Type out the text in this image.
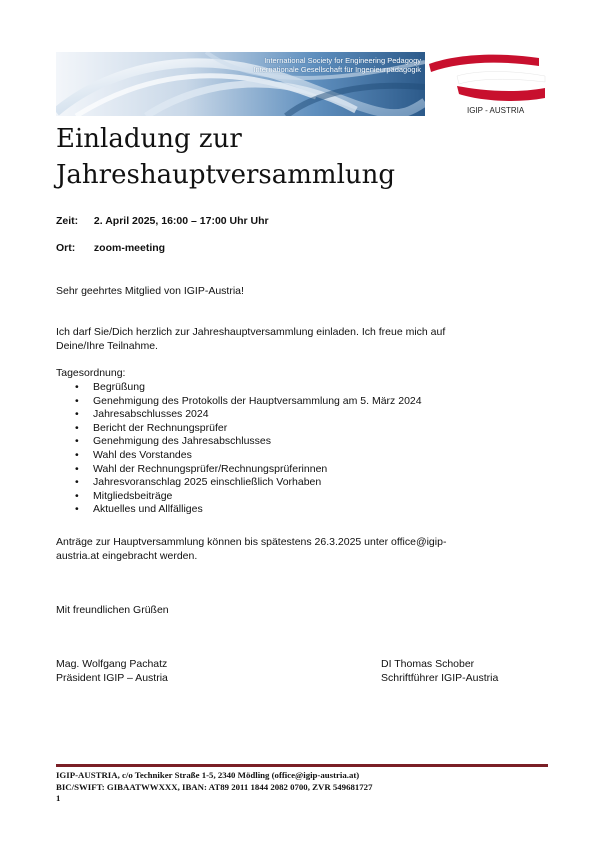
International Society for Engineering Pedagogy
Internationale Gesellschaft für Ingenieurpädagogik
IGIP - AUSTRIA
Einladung zur
Jahreshauptversammlung
Zeit: 2. April 2025, 16:00 – 17:00 Uhr Uhr
Ort: zoom-meeting
Sehr geehrtes Mitglied von IGIP-Austria!
Ich darf Sie/Dich herzlich zur Jahreshauptversammlung einladen. Ich freue mich auf
Deine/Ihre Teilnahme.
Tagesordnung:
• Begrüßung
• Genehmigung des Protokolls der Hauptversammlung am 5. März 2024
• Jahresabschlusses 2024
• Bericht der Rechnungsprüfer
• Genehmigung des Jahresabschlusses
• Wahl des Vorstandes
• Wahl der Rechnungsprüfer/Rechnungsprüferinnen
• Jahresvoranschlag 2025 einschließlich Vorhaben
• Mitgliedsbeiträge
• Aktuelles und Allfälliges
Anträge zur Hauptversammlung können bis spätestens 26.3.2025 unter office@igip-
austria.at eingebracht werden.
Mit freundlichen Grüßen
Mag. Wolfgang Pachatz
Präsident IGIP – Austria
DI Thomas Schober
Schriftführer IGIP-Austria
IGIP-AUSTRIA, c/o Techniker Straße 1-5, 2340 Mödling (office@igip-austria.at)
BIC/SWIFT: GIBAATWWXXX, IBAN: AT89 2011 1844 2082 0700, ZVR 549681727
1
